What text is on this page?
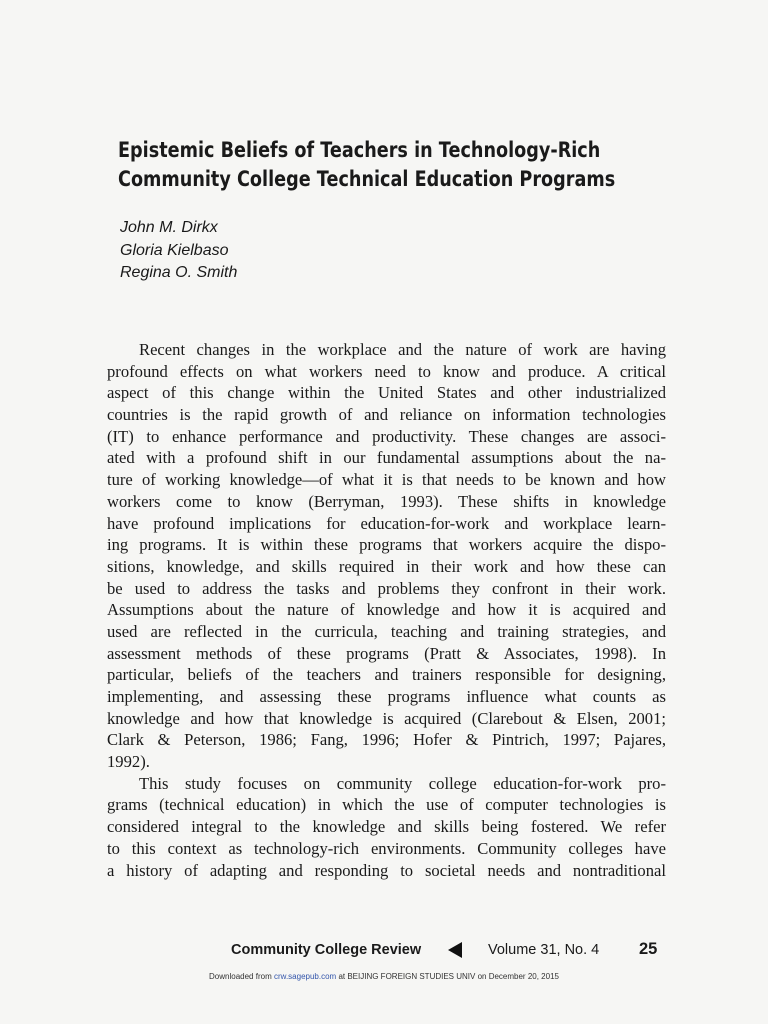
Epistemic Beliefs of Teachers in Technology-Rich
Community College Technical Education Programs
John M. Dirkx
Gloria Kielbaso
Regina O. Smith
Recent changes in the workplace and the nature of work are having
profound effects on what workers need to know and produce. A critical
aspect of this change within the United States and other industrialized
countries is the rapid growth of and reliance on information technologies
(IT) to enhance performance and productivity. These changes are associ-
ated with a profound shift in our fundamental assumptions about the na-
ture of working knowledge—of what it is that needs to be known and how
workers come to know (Berryman, 1993). These shifts in knowledge
have profound implications for education-for-work and workplace learn-
ing programs. It is within these programs that workers acquire the dispo-
sitions, knowledge, and skills required in their work and how these can
be used to address the tasks and problems they confront in their work.
Assumptions about the nature of knowledge and how it is acquired and
used are reflected in the curricula, teaching and training strategies, and
assessment methods of these programs (Pratt & Associates, 1998). In
particular, beliefs of the teachers and trainers responsible for designing,
implementing, and assessing these programs influence what counts as
knowledge and how that knowledge is acquired (Clarebout & Elsen, 2001;
Clark & Peterson, 1986; Fang, 1996; Hofer & Pintrich, 1997; Pajares,
1992).
This study focuses on community college education-for-work pro-
grams (technical education) in which the use of computer technologies is
considered integral to the knowledge and skills being fostered. We refer
to this context as technology-rich environments. Community colleges have
a history of adapting and responding to societal needs and nontraditional
Community College Review	Volume 31, No. 4 25
Downloaded from crw.sagepub.com at BEIJING FOREIGN STUDIES UNIV on December 20, 2015
